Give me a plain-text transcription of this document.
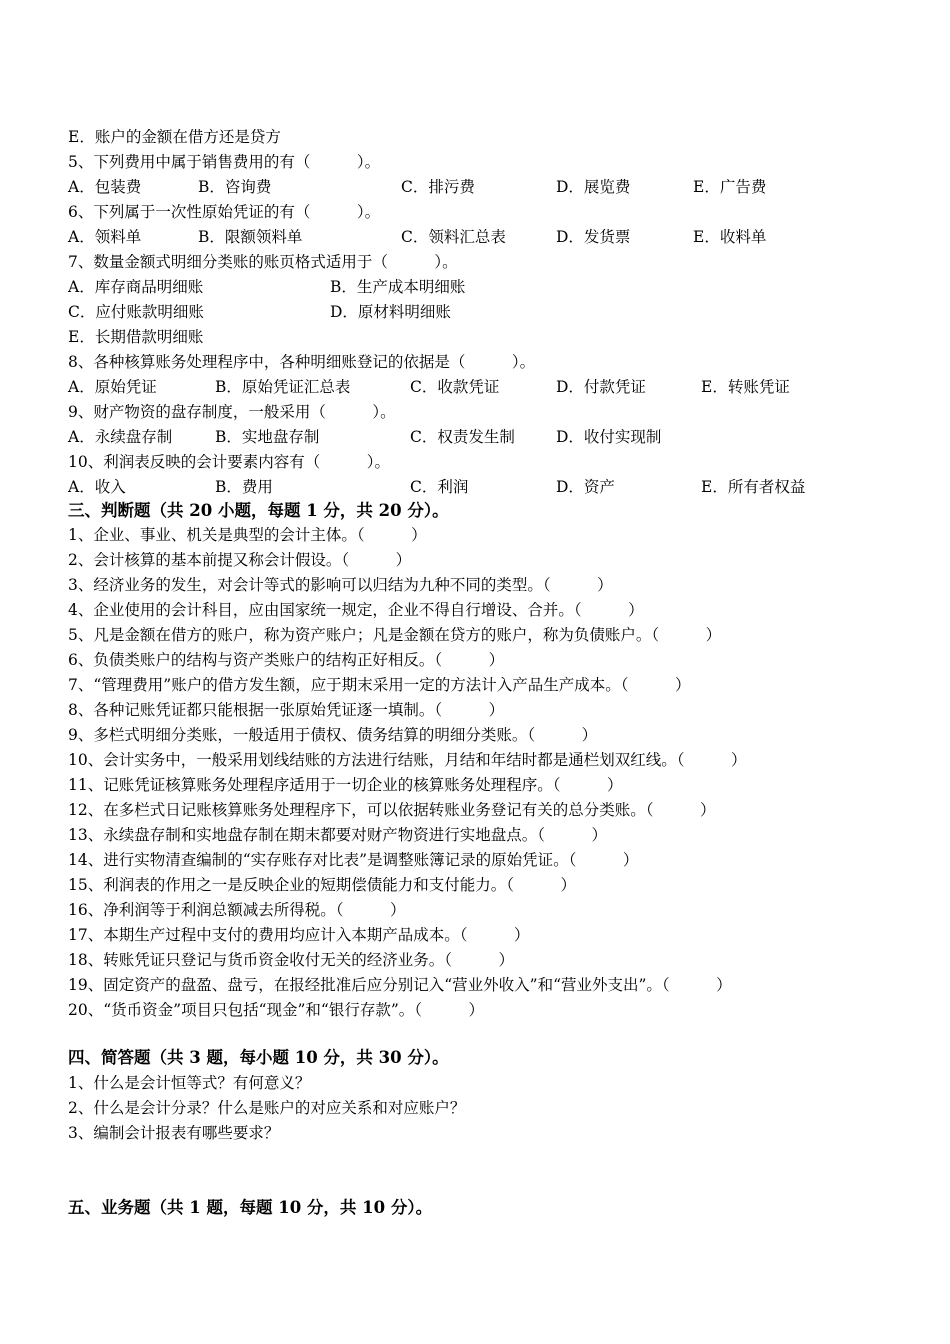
E．账户的金额在借方还是贷方
5、下列费用中属于销售费用的有（　　　）。
A．包装费	B．咨询费	C．排污费	D．展览费	E．广告费
6、下列属于一次性原始凭证的有（　　　）。
A．领料单	B．限额领料单	C．领料汇总表	D．发货票	E．收料单
7、数量金额式明细分类账的账页格式适用于（　　　）。
A．库存商品明细账	B．生产成本明细账
C．应付账款明细账	D．原材料明细账
E．长期借款明细账
8、各种核算账务处理程序中，各种明细账登记的依据是（　　　）。
A．原始凭证	B．原始凭证汇总表	C．收款凭证	D．付款凭证	E．转账凭证
9、财产物资的盘存制度，一般采用（　　　）。
A．永续盘存制	B．实地盘存制	C．权责发生制	D．收付实现制
10、利润表反映的会计要素内容有（　　　）。
A．收入	B．费用	C．利润	D．资产	E．所有者权益
三、判断题（共 20 小题，每题 1 分，共 20 分）。
1、企业、事业、机关是典型的会计主体。（　　　）
2、会计核算的基本前提又称会计假设。（　　　）
3、经济业务的发生，对会计等式的影响可以归结为九种不同的类型。（　　　）
4、企业使用的会计科目，应由国家统一规定，企业不得自行增设、合并。（　　　）
5、凡是金额在借方的账户，称为资产账户；凡是金额在贷方的账户，称为负债账户。（　　　）
6、负债类账户的结构与资产类账户的结构正好相反。（　　　）
7、“管理费用”账户的借方发生额，应于期末采用一定的方法计入产品生产成本。（　　　）
8、各种记账凭证都只能根据一张原始凭证逐一填制。（　　　）
9、多栏式明细分类账，一般适用于债权、债务结算的明细分类账。（　　　）
10、会计实务中，一般采用划线结账的方法进行结账，月结和年结时都是通栏划双红线。（　　　）
11、记账凭证核算账务处理程序适用于一切企业的核算账务处理程序。（　　　）
12、在多栏式日记账核算账务处理程序下，可以依据转账业务登记有关的总分类账。（　　　）
13、永续盘存制和实地盘存制在期末都要对财产物资进行实地盘点。（　　　）
14、进行实物清查编制的“实存账存对比表”是调整账簿记录的原始凭证。（　　　）
15、利润表的作用之一是反映企业的短期偿债能力和支付能力。（　　　）
16、净利润等于利润总额减去所得税。（　　　）
17、本期生产过程中支付的费用均应计入本期产品成本。（　　　）
18、转账凭证只登记与货币资金收付无关的经济业务。（　　　）
19、固定资产的盘盈、盘亏，在报经批准后应分别记入“营业外收入”和“营业外支出”。（　　　）
20、“货币资金”项目只包括“现金”和“银行存款”。（　　　）
四、简答题（共 3 题，每小题 10 分，共 30 分）。
1、什么是会计恒等式？有何意义？
2、什么是会计分录？什么是账户的对应关系和对应账户？
3、编制会计报表有哪些要求？
五、业务题（共 1 题，每题 10 分，共 10 分）。
